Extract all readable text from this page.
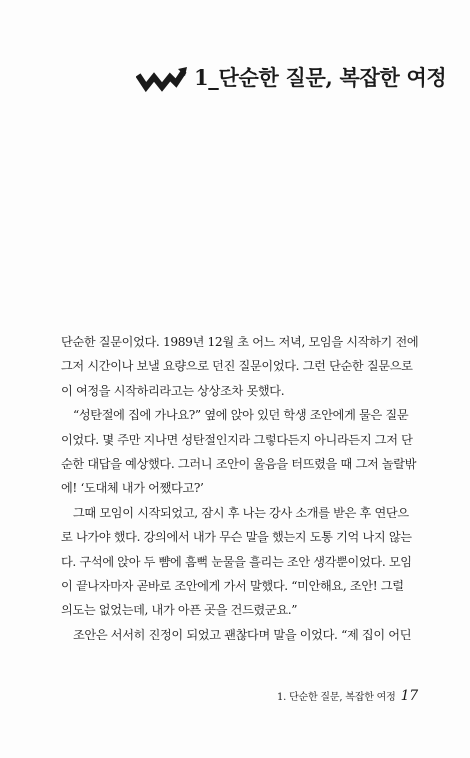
1_단순한 질문, 복잡한 여정
단순한 질문이었다. 1989년 12월 초 어느 저녁, 모임을 시작하기 전에
그저 시간이나 보낼 요량으로 던진 질문이었다. 그런 단순한 질문으로
이 여정을 시작하리라고는 상상조차 못했다.
“성탄절에 집에 가나요?” 옆에 앉아 있던 학생 조안에게 물은 질문
이었다. 몇 주만 지나면 성탄절인지라 그렇다든지 아니라든지 그저 단
순한 대답을 예상했다. 그러니 조안이 울음을 터뜨렸을 때 그저 놀랄밖
에! ‘도대체 내가 어쨌다고?’
그때 모임이 시작되었고, 잠시 후 나는 강사 소개를 받은 후 연단으
로 나가야 했다. 강의에서 내가 무슨 말을 했는지 도통 기억 나지 않는
다. 구석에 앉아 두 뺨에 흠뻑 눈물을 흘리는 조안 생각뿐이었다. 모임
이 끝나자마자 곧바로 조안에게 가서 말했다. “미안해요, 조안! 그럴
의도는 없었는데, 내가 아픈 곳을 건드렸군요.”
조안은 서서히 진정이 되었고 괜찮다며 말을 이었다. “제 집이 어딘
1. 단순한 질문, 복잡한 여정 17
